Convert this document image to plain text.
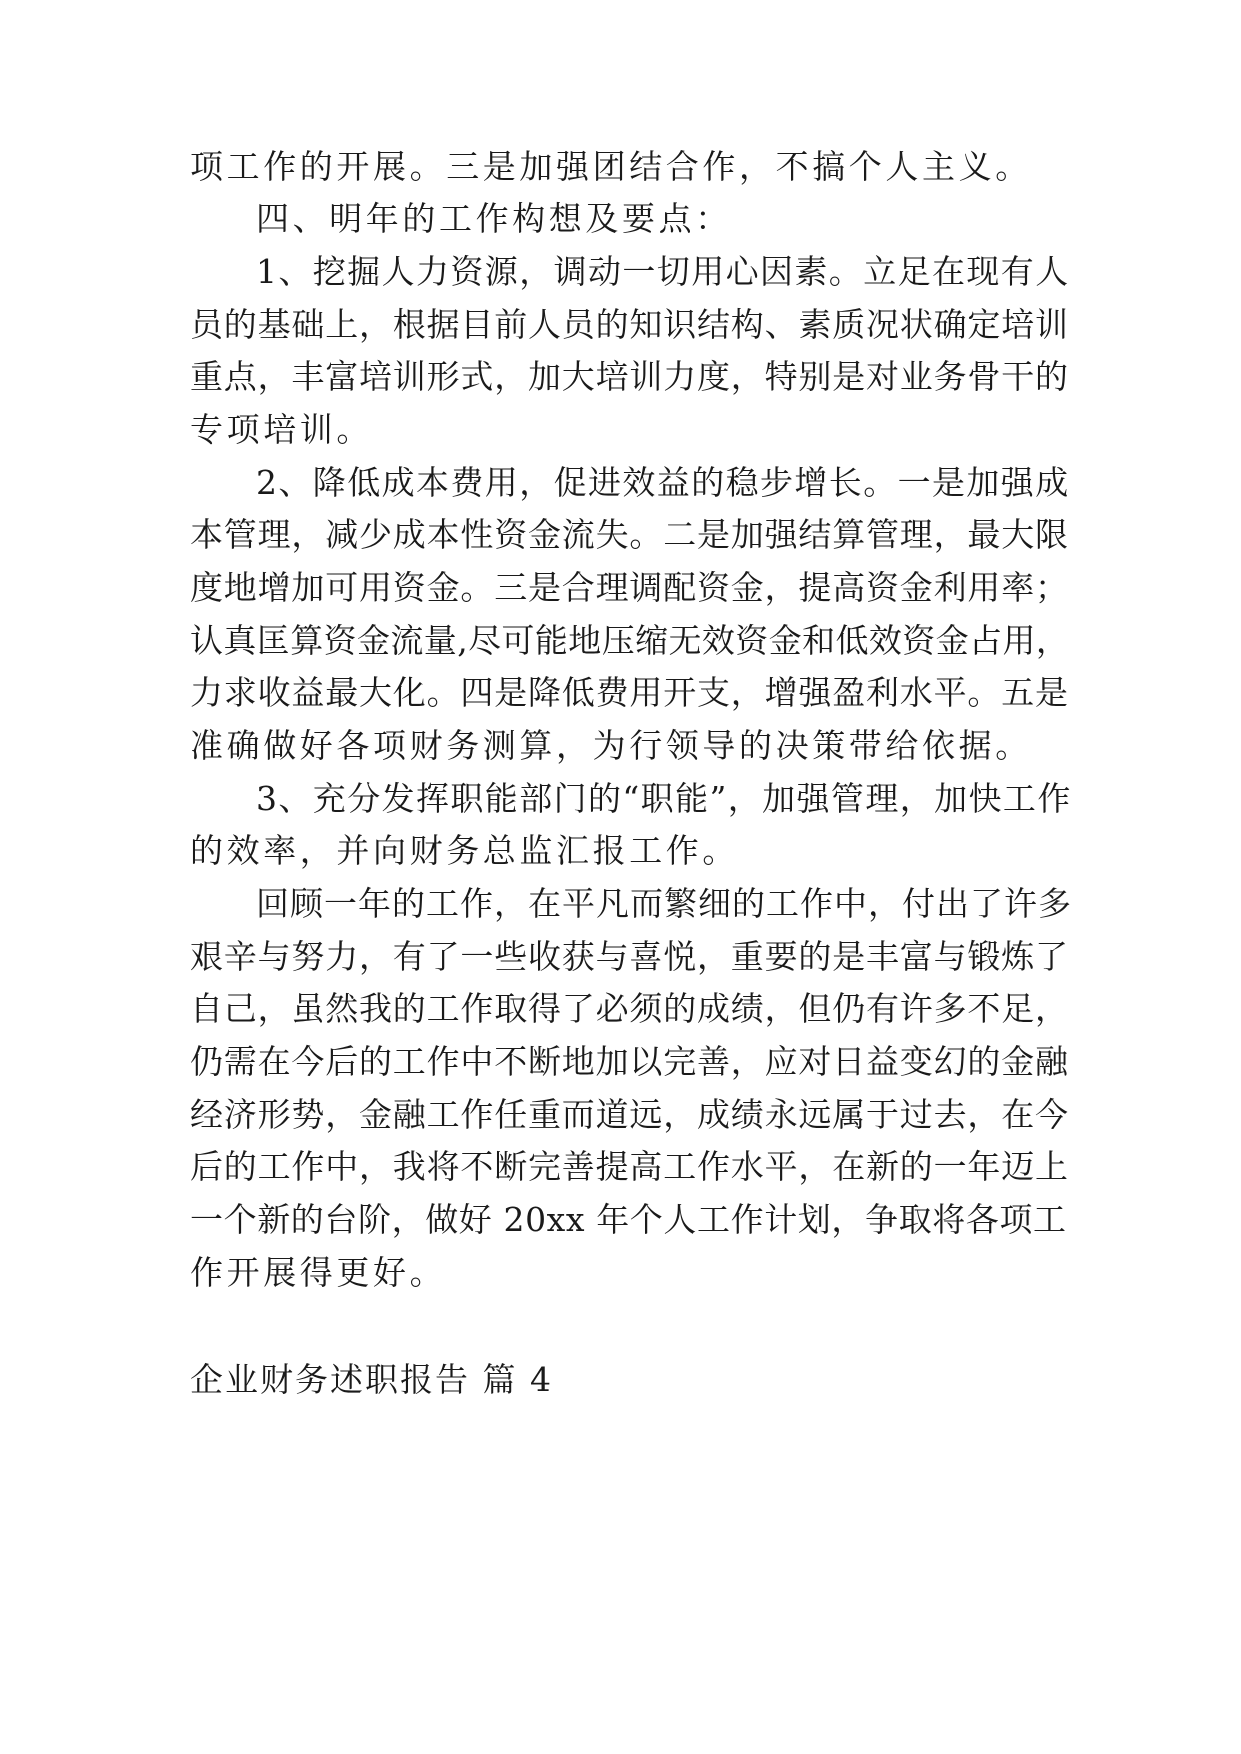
项工作的开展。三是加强团结合作，不搞个人主义。
四、明年的工作构想及要点：
1、挖掘人力资源，调动一切用心因素。立足在现有人
员的基础上，根据目前人员的知识结构、素质况状确定培训
重点，丰富培训形式，加大培训力度，特别是对业务骨干的
专项培训。
2、降低成本费用，促进效益的稳步增长。一是加强成
本管理，减少成本性资金流失。二是加强结算管理，最大限
度地增加可用资金。三是合理调配资金，提高资金利用率；
认真匡算资金流量,尽可能地压缩无效资金和低效资金占用，
力求收益最大化。四是降低费用开支，增强盈利水平。五是
准确做好各项财务测算，为行领导的决策带给依据。
3、充分发挥职能部门的“职能”，加强管理，加快工作
的效率，并向财务总监汇报工作。
回顾一年的工作，在平凡而繁细的工作中，付出了许多
艰辛与努力，有了一些收获与喜悦，重要的是丰富与锻炼了
自己，虽然我的工作取得了必须的成绩，但仍有许多不足，
仍需在今后的工作中不断地加以完善，应对日益变幻的金融
经济形势，金融工作任重而道远，成绩永远属于过去，在今
后的工作中，我将不断完善提高工作水平，在新的一年迈上
一个新的台阶，做好 20xx 年个人工作计划，争取将各项工
作开展得更好。
企业财务述职报告 篇 4
